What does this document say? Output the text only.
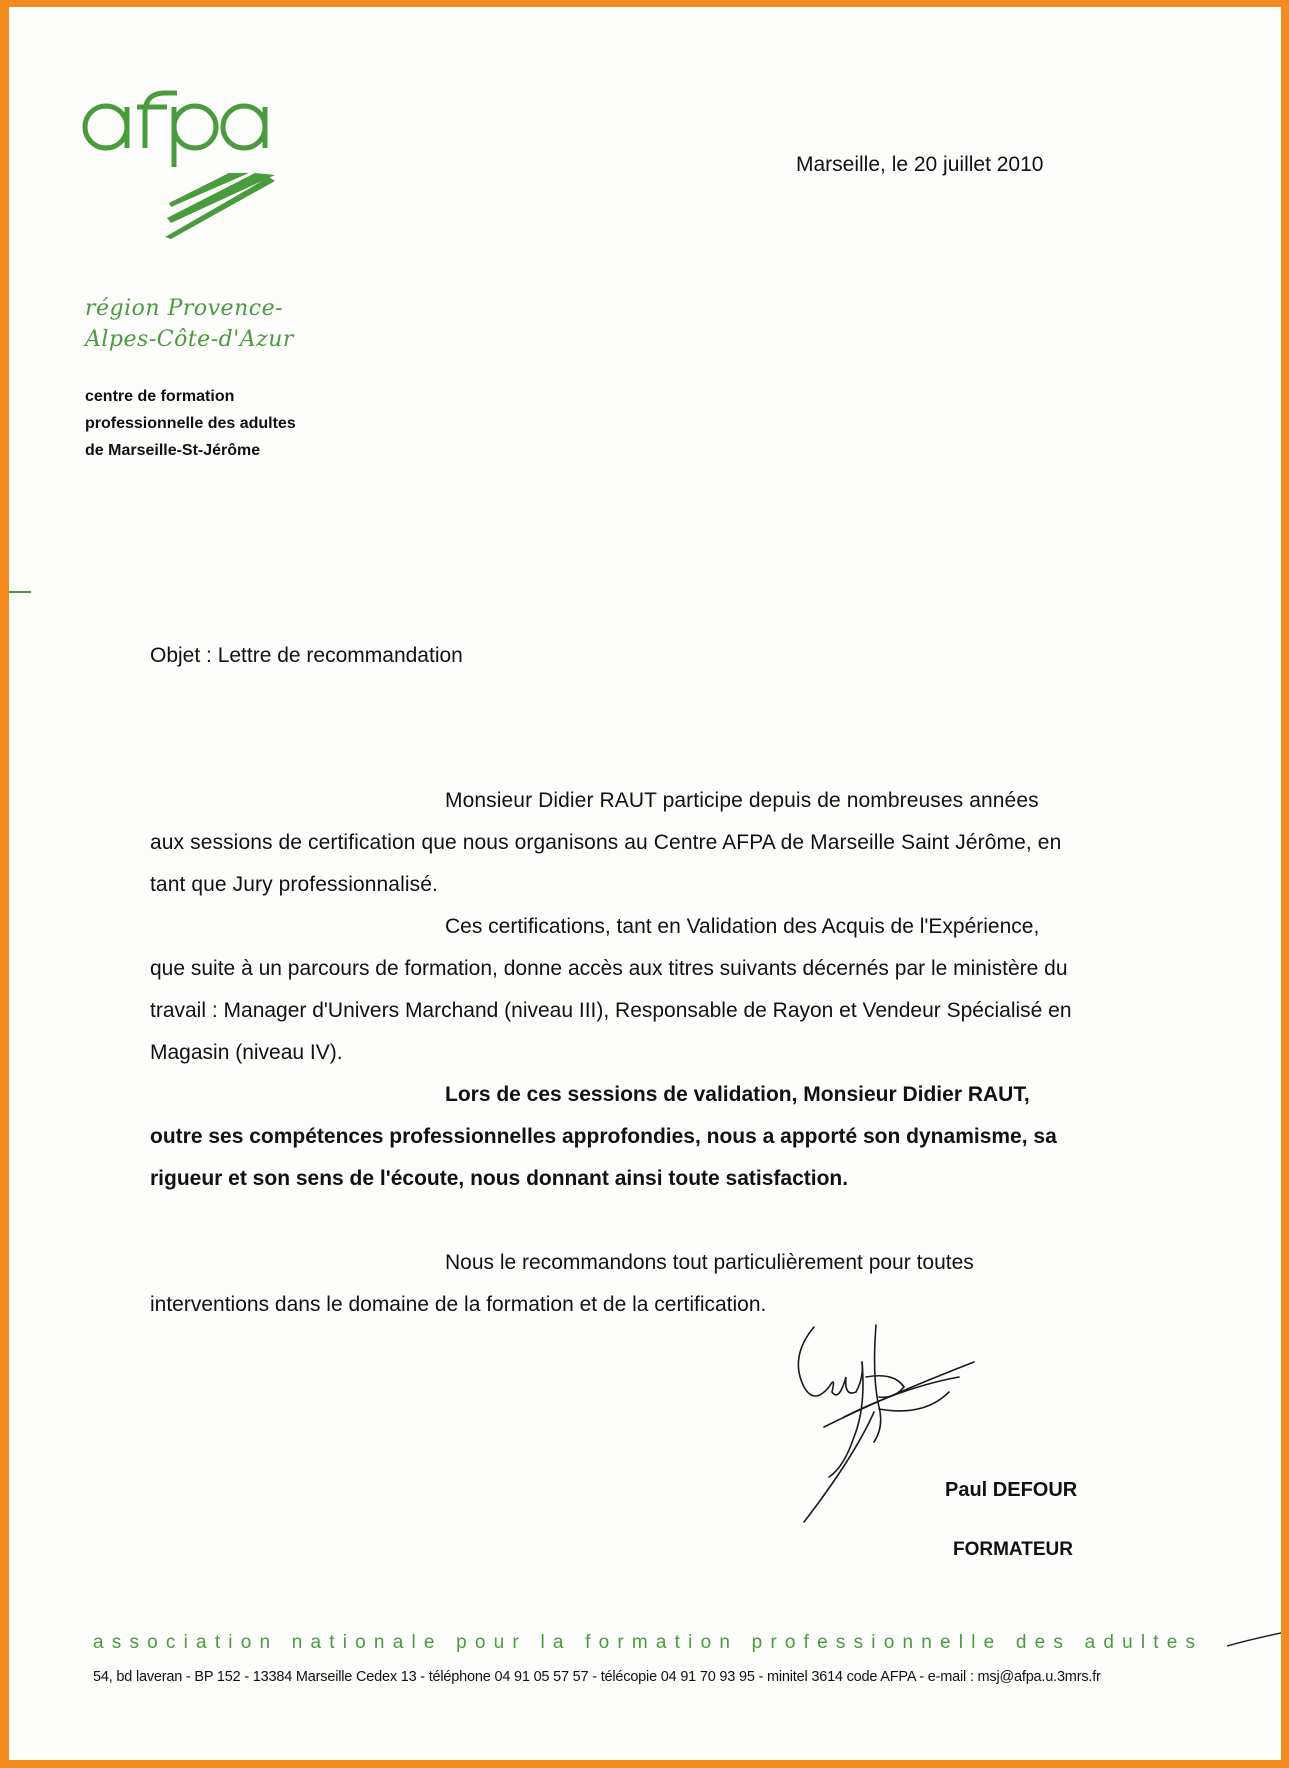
région Provence-
Alpes-Côte-d'Azur
centre de formation
professionnelle des adultes
de Marseille-St-Jérôme
Marseille, le 20 juillet 2010
Objet : Lettre de recommandation

Monsieur Didier RAUT participe depuis de nombreuses années aux sessions de certification que nous organisons au Centre AFPA de Marseille Saint Jérôme, en tant que Jury professionnalisé.

Ces certifications, tant en Validation des Acquis de l'Expérience, que suite à un parcours de formation, donne accès aux titres suivants décernés par le ministère du travail : Manager d'Univers Marchand (niveau III), Responsable de Rayon et Vendeur Spécialisé en Magasin (niveau IV).

Lors de ces sessions de validation, Monsieur Didier RAUT, outre ses compétences professionnelles approfondies, nous a apporté son dynamisme, sa rigueur et son sens de l'écoute, nous donnant ainsi toute satisfaction.

Nous le recommandons tout particulièrement pour toutes interventions dans le domaine de la formation et de la certification.

Paul DEFOUR
FORMATEUR
association nationale pour la formation professionnelle des adultes
54, bd laveran - BP 152 - 13384 Marseille Cedex 13 - téléphone 04 91 05 57 57 - télécopie 04 91 70 93 95 - minitel 3614 code AFPA - e-mail : msj@afpa.u.3mrs.fr
